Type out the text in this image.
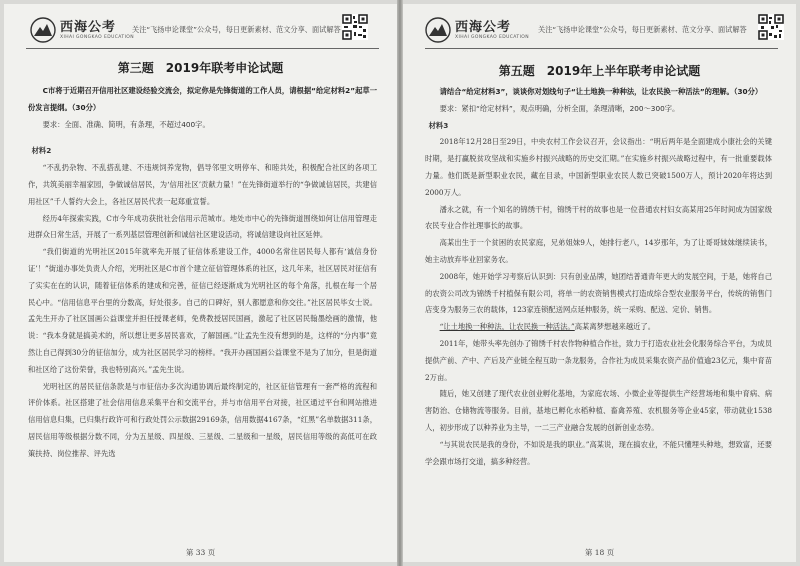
西海公考
XIHAI GONGKAO EDUCATION
关注“飞扬申论课堂”公众号，每日更新素材、范文分享、面试解答
第三题　2019年联考申论试题

C市将于近期召开信用社区建设经验交流会，拟定你是先锋街道的工作人员，请根据“给定材料2”起草一份发言提纲。（30分）

要求：全面、准确、简明，有条理，不超过400字。

材料2

“不乱扔杂物、不乱搭乱建、不违规饲养宠物，倡导邻里文明停车、和睦共处，积极配合社区的各项工作，共筑美丽幸福家园，争做诚信居民，为‘信用社区’贡献力量！”在先锋街道举行的“争做诚信居民，共建信用社区”千人誓约大会上，各社区居民代表一起郑重宣誓。

经历4年探索实践，C市今年成功获批社会信用示范城市。地处市中心的先锋街道围绕如何让信用管理走进群众日常生活，开展了一系列基层管理创新和诚信社区建设活动，将诚信建设向社区延伸。

“我们街道的光明社区2015年就率先开展了征信体系建设工作，4000名常住居民每人都有‘诚信身份证’！”街道办事处负责人介绍，光明社区是C市首个建立征信管理体系的社区，这几年来，社区居民对征信有了实实在在的认识，随着征信体系的建成和完善，征信已经逐渐成为光明社区的每个角落，扎根在每一个居民心中。“信用信息平台里的分数高，好处很多。自己的口碑好，别人都愿意和你交往。”社区居民毕女士说。孟先生开办了社区国画公益课堂并担任授课老师，免费教授居民国画，激起了社区居民翰墨绘画的激情，他说：“我本身就是搞美术的，所以想让更多居民喜欢，了解国画。”让孟先生没有想到的是，这样的“分内事”竟然让自己得到30分的征信加分，成为社区居民学习的榜样。“我开办画国画公益课堂不是为了加分，但是街道和社区给了这份荣誉，我也特别高兴。”孟先生说。

光明社区的居民征信条款是与市征信办多次沟通协调后最终制定的，社区征信管理有一套严格的流程和评价体系。社区搭建了社会信用信息采集平台和交流平台，并与市信用平台对接，社区通过平台和网站推进信用信息归集，已归集行政许可和行政处罚公示数据29169条，信用数据4167条，“红黑”名单数据311条，居民信用等级根据分数不同，分为五星级、四星级、三星级、二星级和一星级，居民信用等级的高低可在政策扶持、岗位推荐、评先选

第 33 页
西海公考
XIHAI GONGKAO EDUCATION
关注“飞扬申论课堂”公众号，每日更新素材、范文分享、面试解答
第五题　2019年上半年联考申论试题

请结合“给定材料3”，谈谈你对划线句子“让土地换一种种法，让农民换一种活法”的理解。（30分）

要求：紧扣“给定材料”，观点明确，分析全面，条理清晰，200～300字。

材料3

2018年12月28日至29日，中央农村工作会议召开，会议指出：“明后两年是全面建成小康社会的关键时期，是打赢脱贫攻坚战和实施乡村振兴战略的历史交汇期。”在实施乡村振兴战略过程中，有一批重要载体力量。他们既是新型职业农民，藏在目录，中国新型职业农民人数已突破1500万人，预计2020年将达到2000万人。

潘永之就，有一个知名的锦绣干村，锦绣干村的故事也是一位普通农村妇女高某用25年时间成为国家级农民专业合作社理事长的故事。

高某出生于一个贫困的农民家庭，兄弟姐妹9人，她排行老八，14岁那年，为了让哥哥妹妹继续读书，她主动放弃毕业回家务农。

2008年，她开始学习考察后认识到：只有创业品牌，她团结普通青年更大的发展空间，于是，她将自己的农资公司改为锦绣千村植保有限公司，将单一的农资销售模式打造成综合型农业服务平台，传统的销售门店变身为服务三农的载体，123家连锁配送网点延伸服务，统一采购、配送、定价、销售。

“让土地换一种种法，让农民换一种活法。”高某离梦想越来越近了。

2011年，她带头率先创办了锦绣千村农作物种植合作社，致力于打造农业社会化服务综合平台，为成员提供产前、产中、产后及产业链全程互助一条龙服务，合作社为成员采集农资产品价值逾23亿元，集中育苗2万亩。

随后，她又创建了现代农业创业孵化基地，为家庭农场、小微企业等提供生产经营场地和集中育病、病害防治、仓储物流等服务。目前，基地已孵化水稻种植、畜禽养殖、农机服务等企业45家，带动就业1538人，初步形成了以种养业为主导，一二三产业融合发展的创新创业态势。

“与其说农民是我的身份，不如说是我的职业。”高某说，现在搞农业，不能只懂埋头种地，想致富，还要学会跟市场打交道，搞多种经营。

第 18 页
